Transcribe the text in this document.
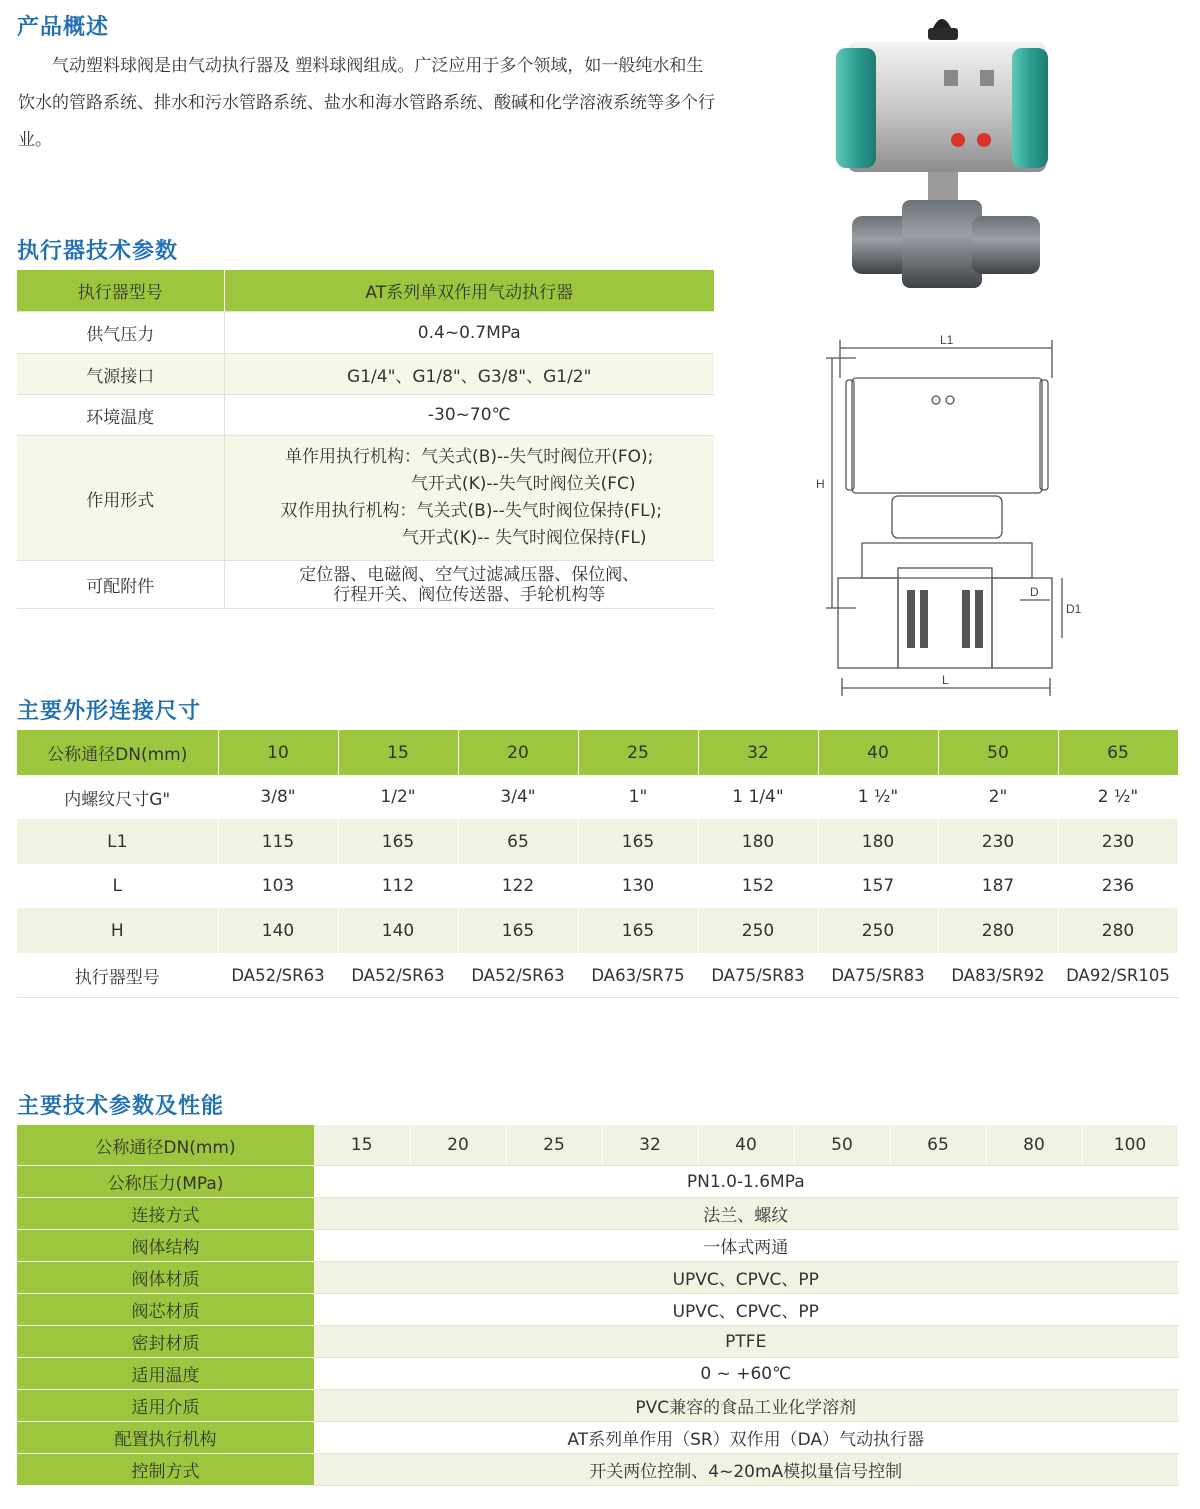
产品概述
　　气动塑料球阀是由气动执行器及 塑料球阀组成。广泛应用于多个领域，如一般纯水和生饮水的管路系统、排水和污水管路系统、盐水和海水管路系统、酸碱和化学溶液系统等多个行业。
L1
H
D
D1
L
执行器技术参数
执行器型号	AT系列单双作用气动执行器
供气压力	0.4~0.7MPa
气源接口	G1/4"、G1/8"、G3/8"、G1/2"
环境温度	-30~70℃
作用形式	单作用执行机构：气关式(B)--失气时阀位开(FO);
气开式(K)--失气时阀位关(FC)
双作用执行机构：气关式(B)--失气时阀位保持(FL);
气开式(K)-- 失气时阀位保持(FL)

可配附件	定位器、电磁阀、空气过滤减压器、保位阀、
行程开关、阀位传送器、手轮机构等
主要外形连接尺寸
公称通径DN(mm)	10	15	20	25	32	40	50	65
内螺纹尺寸G"	3/8"	1/2"	3/4"	1"	1 1/4"	1 ½"	2"	2 ½"
L1	115	165	65	165	180	180	230	230
L	103	112	122	130	152	157	187	236
H	140	140	165	165	250	250	280	280
执行器型号	DA52/SR63	DA52/SR63	DA52/SR63	DA63/SR75	DA75/SR83	DA75/SR83	DA83/SR92	DA92/SR105
主要技术参数及性能
公称通径DN(mm)	15	20	25	32	40	50	65	80	100
公称压力(MPa)	PN1.0-1.6MPa								
连接方式	法兰、螺纹								
阀体结构	一体式两通								
阀体材质	UPVC、CPVC、PP								
阀芯材质	UPVC、CPVC、PP								
密封材质	PTFE								
适用温度	0 ~ +60℃								
适用介质	PVC兼容的食品工业化学溶剂								
配置执行机构	AT系列单作用（SR）双作用（DA）气动执行器								
控制方式	开关两位控制、4~20mA模拟量信号控制								
